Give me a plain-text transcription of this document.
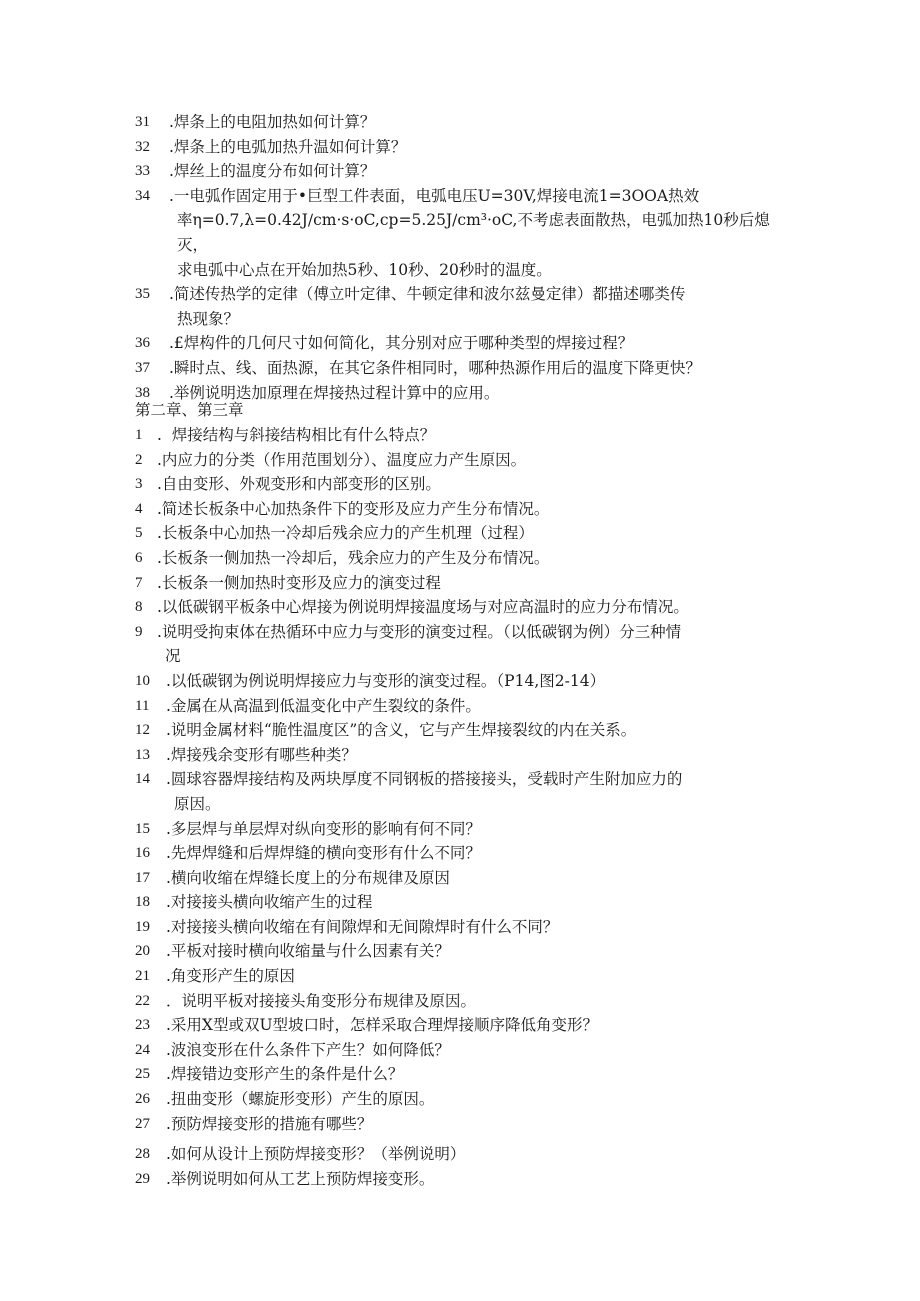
31	.焊条上的电阻加热如何计算？
32	.焊条上的电弧加热升温如何计算？
33	.焊丝上的温度分布如何计算？
34	.一电弧作固定用于•巨型工件表面，电弧电压U=30V,焊接电流1=3OOA热效
率η=0.7,λ=0.42J∕cm·s·oC,cp=5.25J∕cm³·oC,不考虑表面散热，电弧加热10秒后熄灭，
求电弧中心点在开始加热5秒、10秒、20秒时的温度。
35	.简述传热学的定律（傅立叶定律、牛顿定律和波尔兹曼定律）都描述哪类传
热现象？
36	.£焊构件的几何尺寸如何简化，其分别对应于哪种类型的焊接过程？
37	.瞬时点、线、面热源，在其它条件相同时，哪种热源作用后的温度下降更快？
38	.举例说明迭加原理在焊接热过程计算中的应用。
第二章、第三章
1 .  焊接结构与斜接结构相比有什么特点？
2 .内应力的分类（作用范围划分）、温度应力产生原因。
3 .自由变形、外观变形和内部变形的区别。
4 .简述长板条中心加热条件下的变形及应力产生分布情况。
5 .长板条中心加热一冷却后残余应力的产生机理（过程）
6 .长板条一侧加热一冷却后，残余应力的产生及分布情况。
7 .长板条一侧加热时变形及应力的演变过程
8 .以低碳钢平板条中心焊接为例说明焊接温度场与对应高温时的应力分布情况。
9 .说明受拘束体在热循环中应力与变形的演变过程。（以低碳钢为例）分三种情
况
10	.以低碳钢为例说明焊接应力与变形的演变过程。（P14,图2-14）
11	.金属在从高温到低温变化中产生裂纹的条件。
12	.说明金属材料“脆性温度区”的含义，它与产生焊接裂纹的内在关系。
13	.焊接残余变形有哪些种类？
14	.圆球容器焊接结构及两块厚度不同钢板的搭接接头，受载时产生附加应力的
原因。
15	.多层焊与单层焊对纵向变形的影响有何不同？
16	.先焊焊缝和后焊焊缝的横向变形有什么不同？
17	.横向收缩在焊缝长度上的分布规律及原因
18	.对接接头横向收缩产生的过程
19	.对接接头横向收缩在有间隙焊和无间隙焊时有什么不同？
20	.平板对接时横向收缩量与什么因素有关？
21	.角变形产生的原因
22	．说明平板对接接头角变形分布规律及原因。
23	.采用X型或双U型坡口时，怎样采取合理焊接顺序降低角变形？
24	.波浪变形在什么条件下产生？如何降低？
25	.焊接错边变形产生的条件是什么？
26	.扭曲变形（螺旋形变形）产生的原因。
27	.预防焊接变形的措施有哪些？
28	.如何从设计上预防焊接变形？（举例说明）
29	.举例说明如何从工艺上预防焊接变形。
